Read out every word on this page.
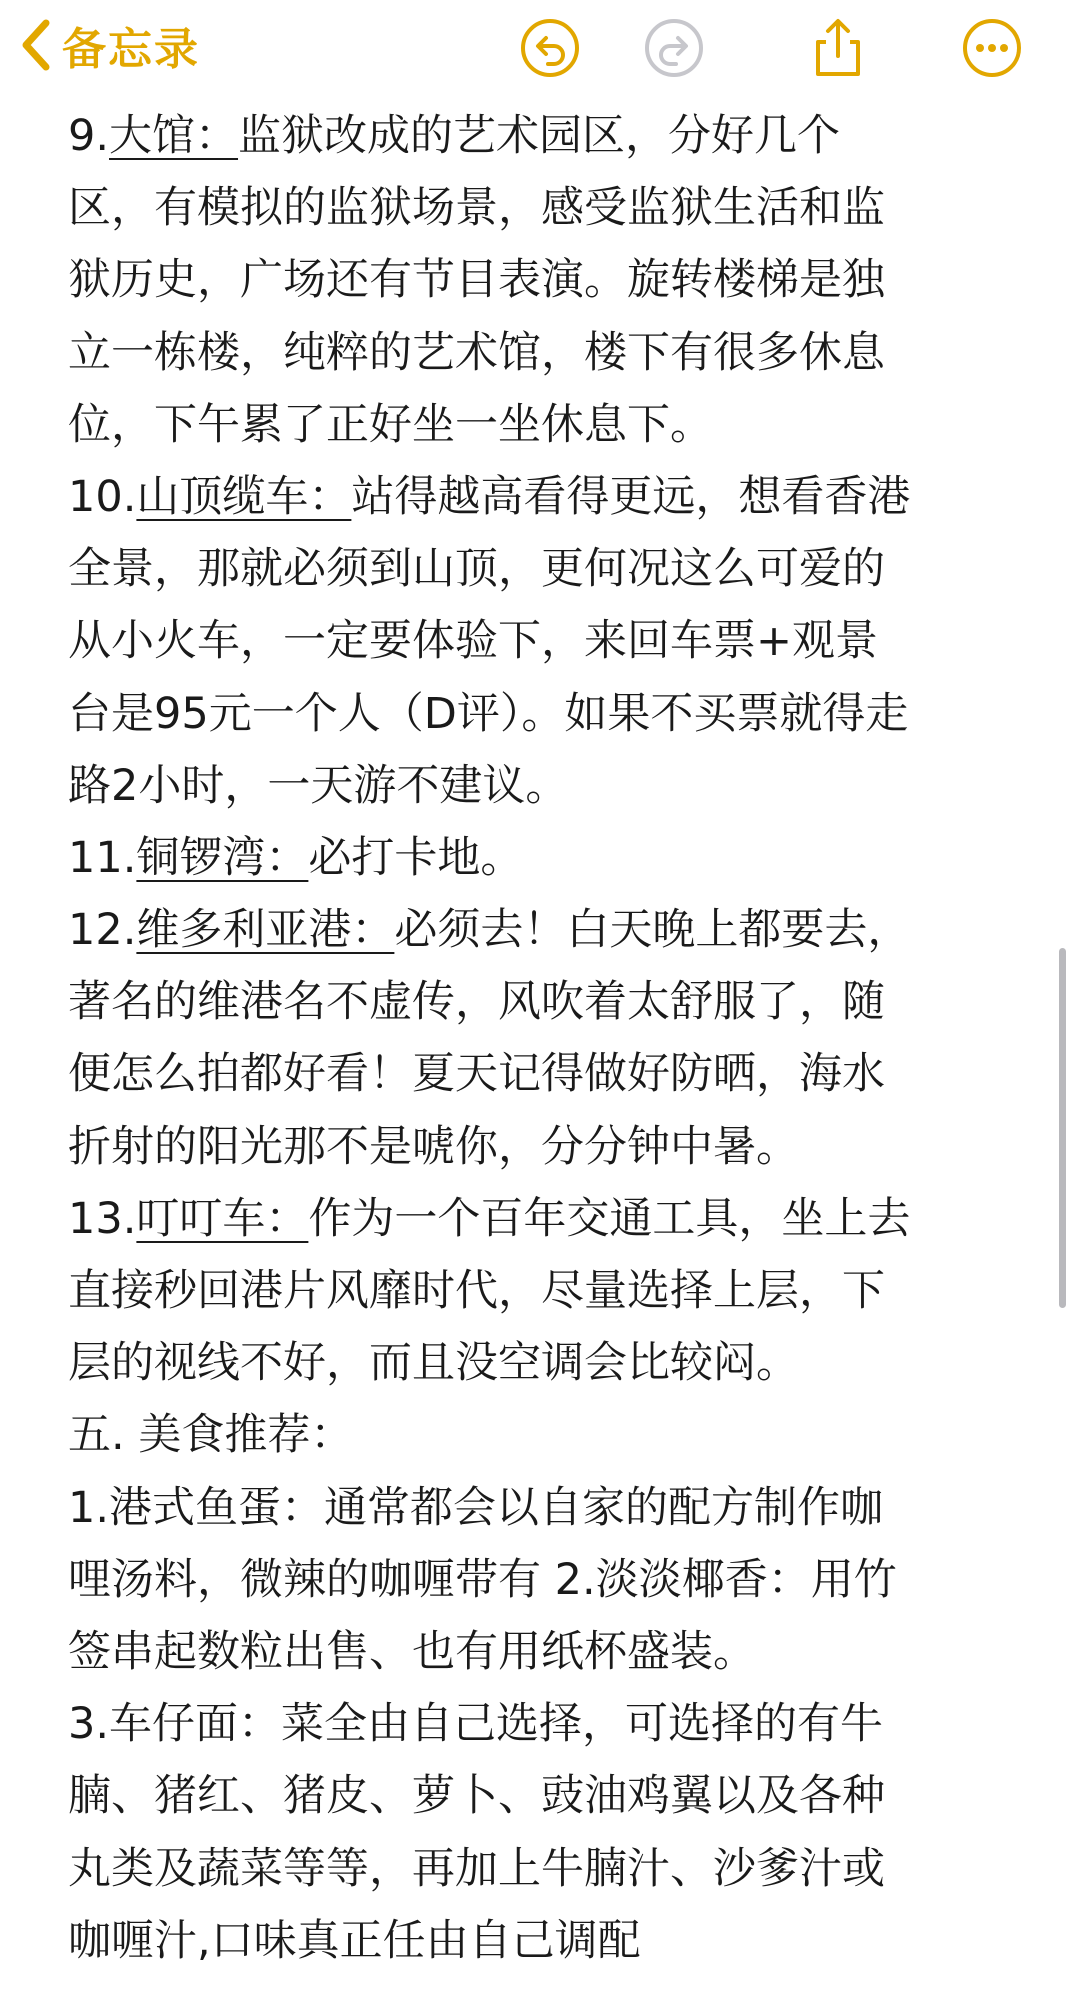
备忘录
9.大馆：监狱改成的艺术园区，分好几个
区，有模拟的监狱场景，感受监狱生活和监
狱历史，广场还有节目表演。旋转楼梯是独
立一栋楼，纯粹的艺术馆，楼下有很多休息
位，下午累了正好坐一坐休息下。
10.山顶缆车：站得越高看得更远，想看香港
全景，那就必须到山顶，更何况这么可爱的
从小火车，一定要体验下，来回车票+观景
台是95元一个人（D评）。如果不买票就得走
路2小时，一天游不建议。
11.铜锣湾：必打卡地。
12.维多利亚港：必须去！白天晚上都要去，
著名的维港名不虚传，风吹着太舒服了，随
便怎么拍都好看！夏天记得做好防晒，海水
折射的阳光那不是唬你，分分钟中暑。
13.叮叮车：作为一个百年交通工具，坐上去
直接秒回港片风靡时代，尽量选择上层，下
层的视线不好，而且没空调会比较闷。
五. 美食推荐：
1.港式鱼蛋：通常都会以自家的配方制作咖
哩汤料，微辣的咖喱带有 2.淡淡椰香：用竹
签串起数粒出售、也有用纸杯盛装。
3.车仔面：菜全由自己选择，可选择的有牛
腩、猪红、猪皮、萝卜、豉油鸡翼以及各种
丸类及蔬菜等等，再加上牛腩汁、沙爹汁或
咖喱汁,口味真正任由自己调配
